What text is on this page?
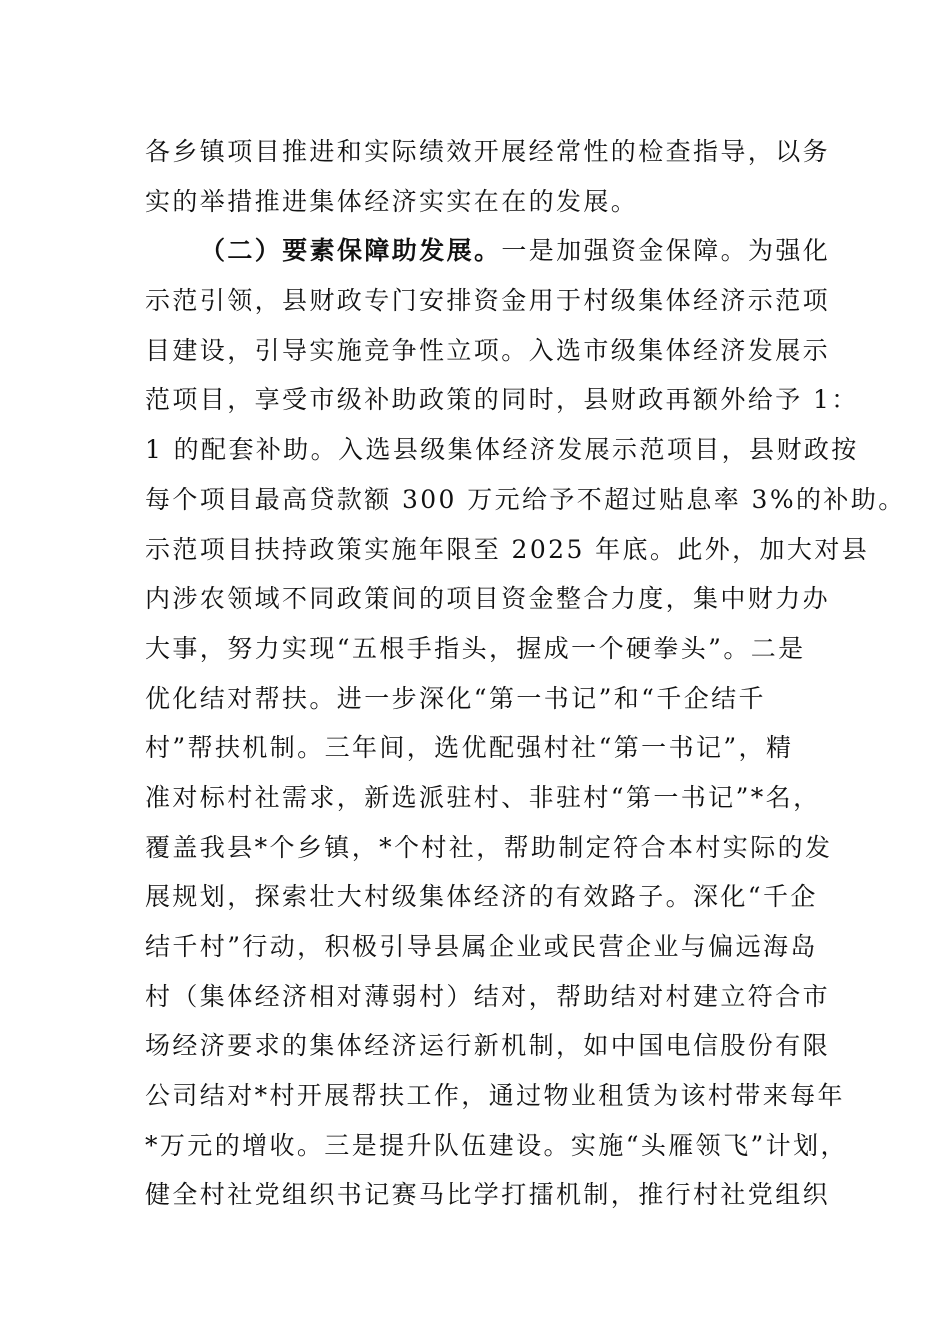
各乡镇项目推进和实际绩效开展经常性的检查指导，以务

实的举措推进集体经济实实在在的发展。

（二）要素保障助发展。一是加强资金保障。为强化

示范引领，县财政专门安排资金用于村级集体经济示范项

目建设，引导实施竞争性立项。入选市级集体经济发展示

范项目，享受市级补助政策的同时，县财政再额外给予 1：

1 的配套补助。入选县级集体经济发展示范项目，县财政按

每个项目最高贷款额 300 万元给予不超过贴息率 3%的补助。

示范项目扶持政策实施年限至 2025 年底。此外，加大对县

内涉农领域不同政策间的项目资金整合力度，集中财力办

大事，努力实现“五根手指头，握成一个硬拳头”。二是

优化结对帮扶。进一步深化“第一书记”和“千企结千

村”帮扶机制。三年间，选优配强村社“第一书记”，精

准对标村社需求，新选派驻村、非驻村“第一书记”*名，

覆盖我县*个乡镇，*个村社，帮助制定符合本村实际的发

展规划，探索壮大村级集体经济的有效路子。深化“千企

结千村”行动，积极引导县属企业或民营企业与偏远海岛

村（集体经济相对薄弱村）结对，帮助结对村建立符合市

场经济要求的集体经济运行新机制，如中国电信股份有限

公司结对*村开展帮扶工作，通过物业租赁为该村带来每年

*万元的增收。三是提升队伍建设。实施“头雁领飞”计划，

健全村社党组织书记赛马比学打擂机制，推行村社党组织
